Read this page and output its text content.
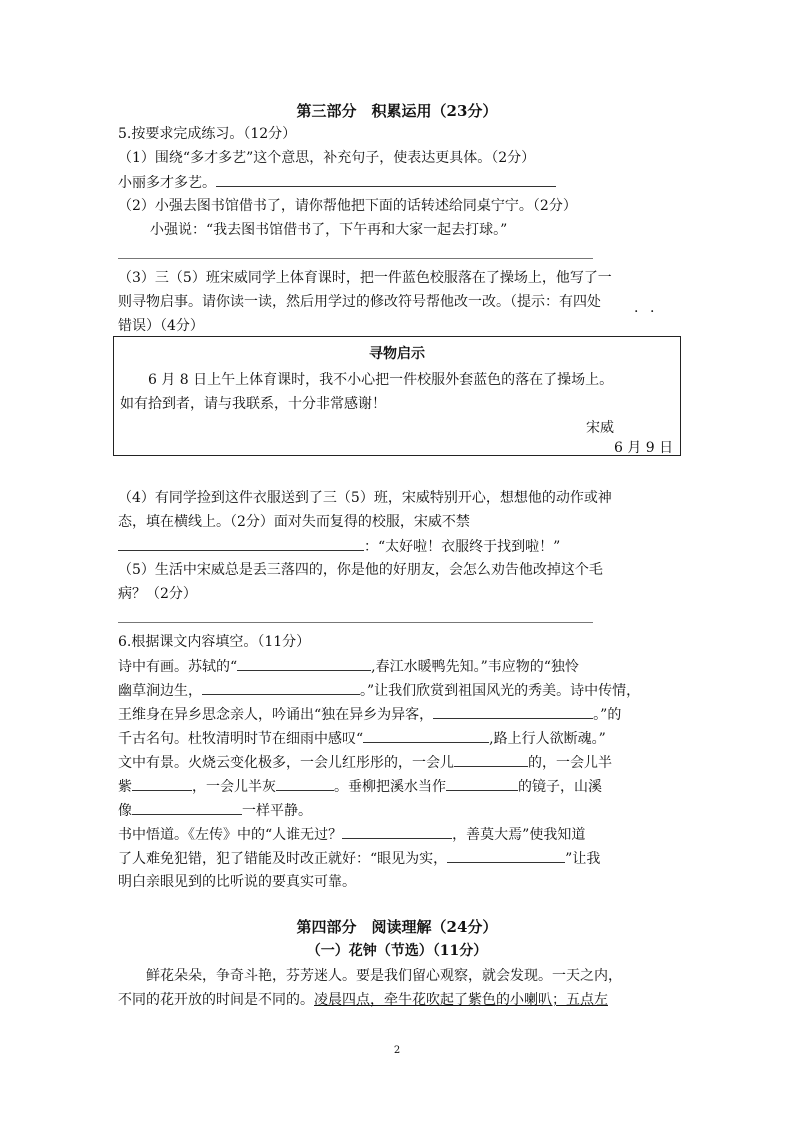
第三部分　积累运用（23分）
5.按要求完成练习。（12分）
（1）围绕“多才多艺”这个意思，补充句子，使表达更具体。（2分）
小丽多才多艺。
（2）小强去图书馆借书了，请你帮他把下面的话转述给同桌宁宁。（2分）
小强说：“我去图书馆借书了，下午再和大家一起去打球。”
（3）三（5）班宋威同学上体育课时，把一件蓝色校服落在了操场上，他写了一
则寻物启事。请你读一读，然后用学过的修改符号帮他改一改。（提示：有四处
错误）（4分）
· ·
寻物启示
6 月 8 日上午上体育课时，我不小心把一件校服外套蓝色的落在了操场上。
如有拾到者，请与我联系，十分非常感谢！
宋威
6 月 9 日
（4）有同学捡到这件衣服送到了三（5）班，宋威特别开心，想想他的动作或神
态，填在横线上。（2分）面对失而复得的校服，宋威不禁
：“太好啦！衣服终于找到啦！”
（5）生活中宋威总是丢三落四的，你是他的好朋友，会怎么劝告他改掉这个毛
病？（2分）
6.根据课文内容填空。（11分）
诗中有画。苏轼的“	,春江水暖鸭先知。”韦应物的“独怜
幽草涧边生，	。”让我们欣赏到祖国风光的秀美。诗中传情，
王维身在异乡思念亲人，吟诵出“独在异乡为异客，	。”的
千古名句。杜牧清明时节在细雨中感叹“	,路上行人欲断魂。”
文中有景。火烧云变化极多，一会儿红彤彤的，一会儿	的，一会儿半
紫	，一会儿半灰	。垂柳把溪水当作	的镜子，山溪
像	一样平静。
书中悟道。《左传》中的“人谁无过？	，善莫大焉”使我知道
了人难免犯错，犯了错能及时改正就好：“眼见为实，	”让我
明白亲眼见到的比听说的要真实可靠。
第四部分　阅读理解（24分）
（一）花钟（节选）（11分）
鲜花朵朵，争奇斗艳，芬芳迷人。要是我们留心观察，就会发现。一天之内，
不同的花开放的时间是不同的。凌晨四点，牵牛花吹起了紫色的小喇叭；五点左
2
